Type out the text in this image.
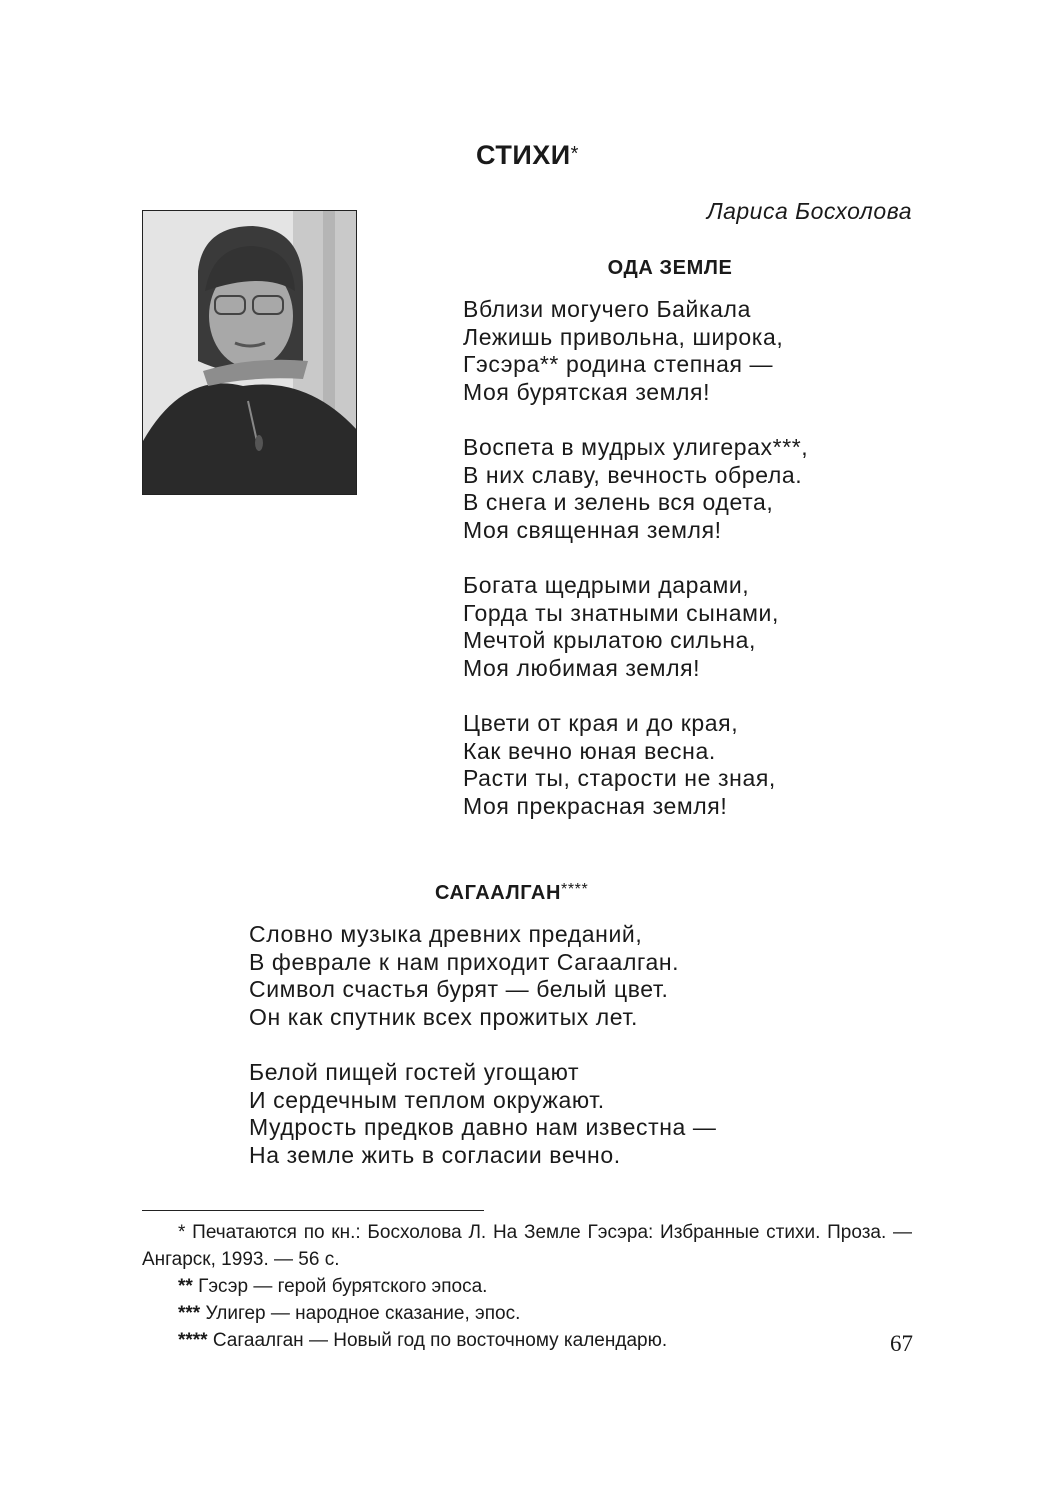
СТИХИ*
Лариса Босхолова
ОДА ЗЕМЛЕ
Вблизи могучего Байкала
Лежишь привольна, широка,
Гэсэра** родина степная —
Моя бурятская земля!
Воспета в мудрых улигерах***,
В них славу, вечность обрела.
В снега и зелень вся одета,
Моя священная земля!
Богата щедрыми дарами,
Горда ты знатными сынами,
Мечтой крылатою сильна,
Моя любимая земля!
Цвети от края и до края,
Как вечно юная весна.
Расти ты, старости не зная,
Моя прекрасная земля!
САГААЛГАН****
Словно музыка древних преданий,
В феврале к нам приходит Сагаалган.
Символ счастья бурят — белый цвет.
Он как спутник всех прожитых лет.
Белой пищей гостей угощают
И сердечным теплом окружают.
Мудрость предков давно нам известна —
На земле жить в согласии вечно.
* Печатаются по кн.: Босхолова Л. На Земле Гэсэра: Избранные стихи. Проза. — Ангарск, 1993. — 56 с.
** Гэсэр — герой бурятского эпоса.
*** Улигер — народное сказание, эпос.
**** Сагаалган — Новый год по восточному календарю.	67
